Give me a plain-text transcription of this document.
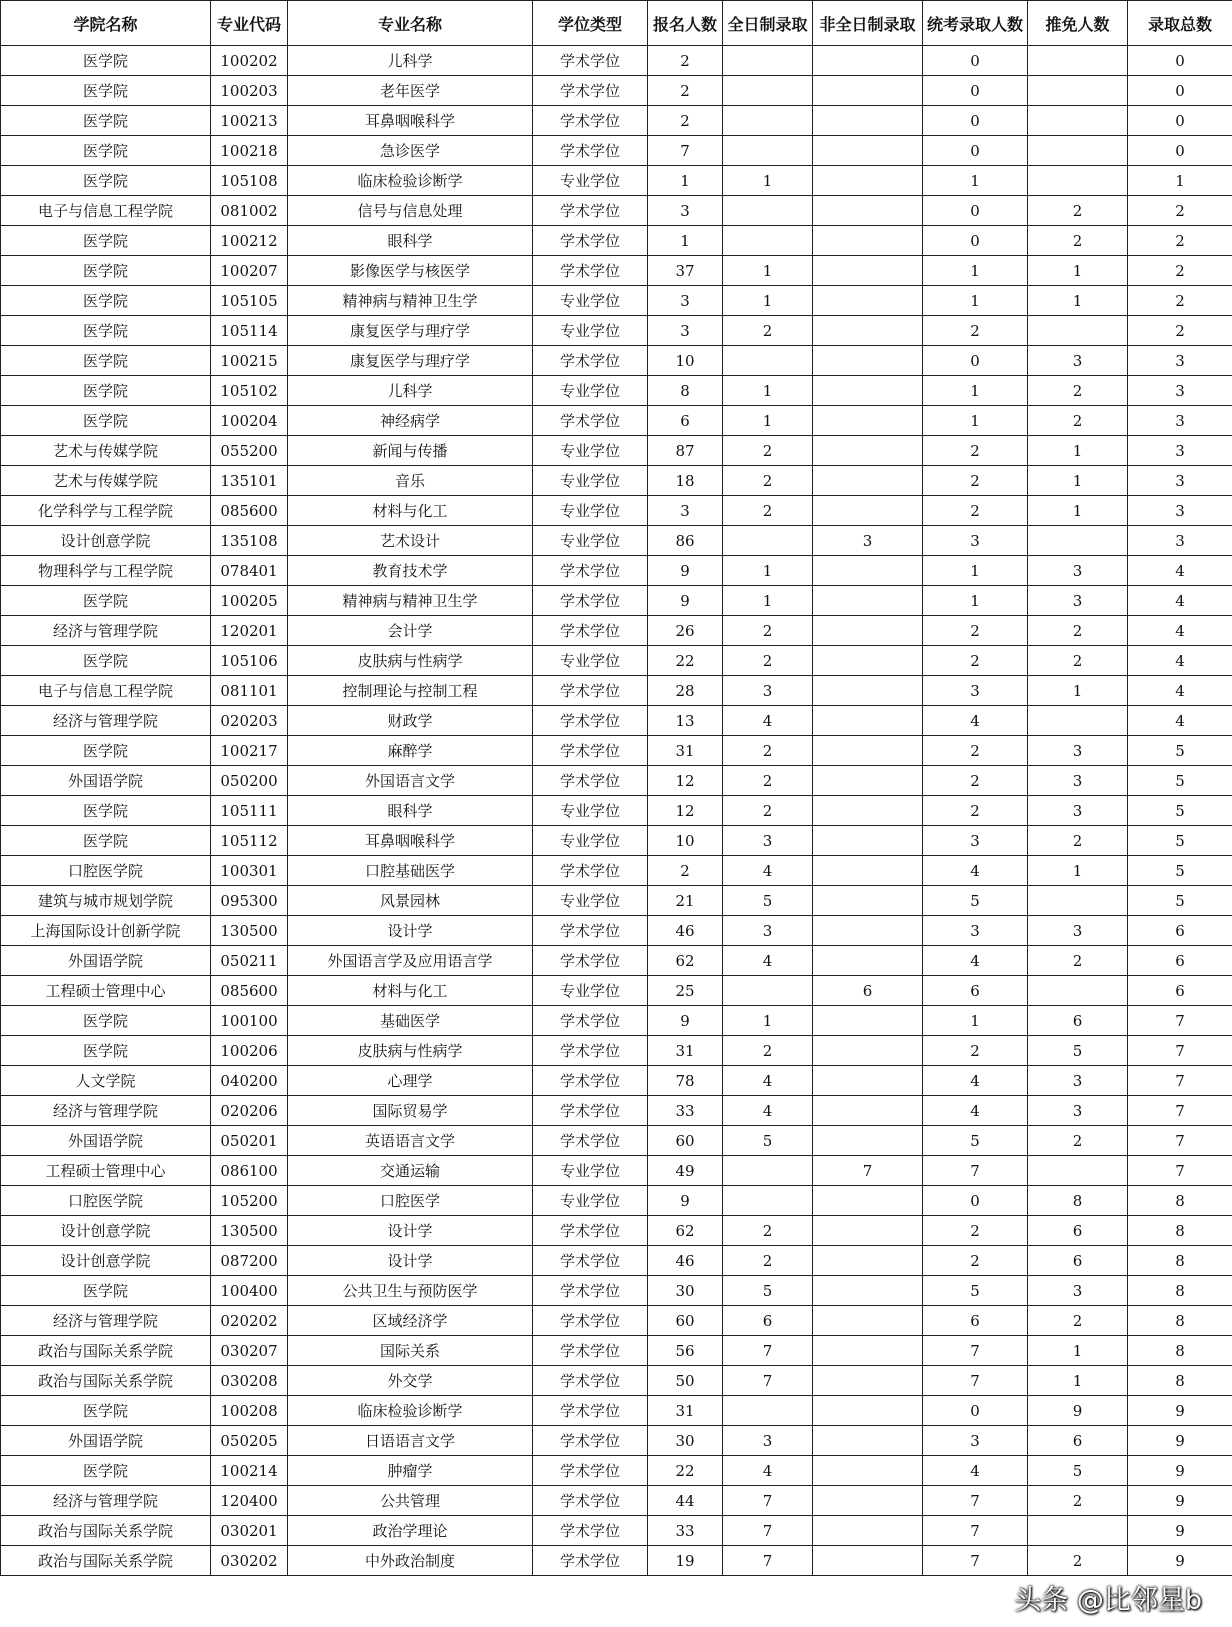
学院名称	专业代码	专业名称	学位类型	报名人数	全日制录取	非全日制录取	统考录取人数	推免人数	录取总数
医学院	100202	儿科学	学术学位	2			0		0
医学院	100203	老年医学	学术学位	2			0		0
医学院	100213	耳鼻咽喉科学	学术学位	2			0		0
医学院	100218	急诊医学	学术学位	7			0		0
医学院	105108	临床检验诊断学	专业学位	1	1		1		1
电子与信息工程学院	081002	信号与信息处理	学术学位	3			0	2	2
医学院	100212	眼科学	学术学位	1			0	2	2
医学院	100207	影像医学与核医学	学术学位	37	1		1	1	2
医学院	105105	精神病与精神卫生学	专业学位	3	1		1	1	2
医学院	105114	康复医学与理疗学	专业学位	3	2		2		2
医学院	100215	康复医学与理疗学	学术学位	10			0	3	3
医学院	105102	儿科学	专业学位	8	1		1	2	3
医学院	100204	神经病学	学术学位	6	1		1	2	3
艺术与传媒学院	055200	新闻与传播	专业学位	87	2		2	1	3
艺术与传媒学院	135101	音乐	专业学位	18	2		2	1	3
化学科学与工程学院	085600	材料与化工	专业学位	3	2		2	1	3
设计创意学院	135108	艺术设计	专业学位	86		3	3		3
物理科学与工程学院	078401	教育技术学	学术学位	9	1		1	3	4
医学院	100205	精神病与精神卫生学	学术学位	9	1		1	3	4
经济与管理学院	120201	会计学	学术学位	26	2		2	2	4
医学院	105106	皮肤病与性病学	专业学位	22	2		2	2	4
电子与信息工程学院	081101	控制理论与控制工程	学术学位	28	3		3	1	4
经济与管理学院	020203	财政学	学术学位	13	4		4		4
医学院	100217	麻醉学	学术学位	31	2		2	3	5
外国语学院	050200	外国语言文学	学术学位	12	2		2	3	5
医学院	105111	眼科学	专业学位	12	2		2	3	5
医学院	105112	耳鼻咽喉科学	专业学位	10	3		3	2	5
口腔医学院	100301	口腔基础医学	学术学位	2	4		4	1	5
建筑与城市规划学院	095300	风景园林	专业学位	21	5		5		5
上海国际设计创新学院	130500	设计学	学术学位	46	3		3	3	6
外国语学院	050211	外国语言学及应用语言学	学术学位	62	4		4	2	6
工程硕士管理中心	085600	材料与化工	专业学位	25		6	6		6
医学院	100100	基础医学	学术学位	9	1		1	6	7
医学院	100206	皮肤病与性病学	学术学位	31	2		2	5	7
人文学院	040200	心理学	学术学位	78	4		4	3	7
经济与管理学院	020206	国际贸易学	学术学位	33	4		4	3	7
外国语学院	050201	英语语言文学	学术学位	60	5		5	2	7
工程硕士管理中心	086100	交通运输	专业学位	49		7	7		7
口腔医学院	105200	口腔医学	专业学位	9			0	8	8
设计创意学院	130500	设计学	学术学位	62	2		2	6	8
设计创意学院	087200	设计学	学术学位	46	2		2	6	8
医学院	100400	公共卫生与预防医学	学术学位	30	5		5	3	8
经济与管理学院	020202	区域经济学	学术学位	60	6		6	2	8
政治与国际关系学院	030207	国际关系	学术学位	56	7		7	1	8
政治与国际关系学院	030208	外交学	学术学位	50	7		7	1	8
医学院	100208	临床检验诊断学	学术学位	31			0	9	9
外国语学院	050205	日语语言文学	学术学位	30	3		3	6	9
医学院	100214	肿瘤学	学术学位	22	4		4	5	9
经济与管理学院	120400	公共管理	学术学位	44	7		7	2	9
政治与国际关系学院	030201	政治学理论	学术学位	33	7		7		9
政治与国际关系学院	030202	中外政治制度	学术学位	19	7		7	2	9
头条 @比邻星b
